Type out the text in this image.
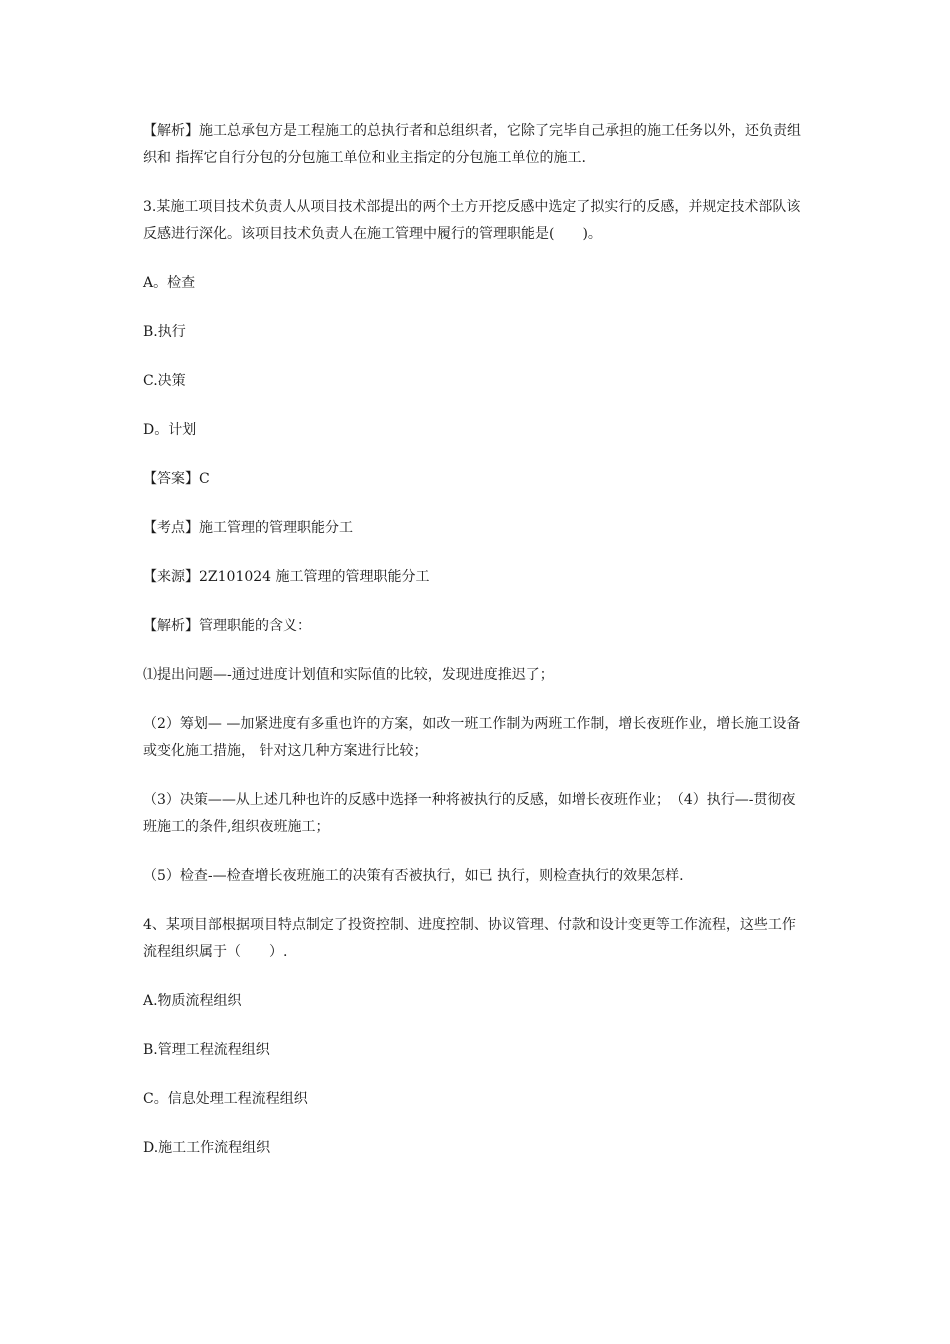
【解析】施工总承包方是工程施工的总执行者和总组织者，它除了完毕自己承担的施工任务以外，还负责组织和 指挥它自行分包的分包施工单位和业主指定的分包施工单位的施工.

3.某施工项目技术负责人从项目技术部提出的两个土方开挖反感中选定了拟实行的反感，并规定技术部队该反感进行深化。该项目技术负责人在施工管理中履行的管理职能是(　　)。

A。检查

B.执行

C.决策

D。计划

【答案】C

【考点】施工管理的管理职能分工

【来源】2Z101024 施工管理的管理职能分工

【解析】管理职能的含义：

⑴提出问题—-通过进度计划值和实际值的比较，发现进度推迟了；

（2）筹划— —加紧进度有多重也许的方案，如改一班工作制为两班工作制，增长夜班作业，增长施工设备或变化施工措施， 针对这几种方案进行比较；

（3）决策——从上述几种也许的反感中选择一种将被执行的反感，如增长夜班作业；　（4）执行—-贯彻夜班施工的条件,组织夜班施工；

（5）检查-—检查增长夜班施工的决策有否被执行，如已 执行，则检查执行的效果怎样.

4、某项目部根据项目特点制定了投资控制、进度控制、协议管理、付款和设计变更等工作流程，这些工作流程组织属于（　　）.

A.物质流程组织

B.管理工程流程组织

C。信息处理工程流程组织

D.施工工作流程组织
